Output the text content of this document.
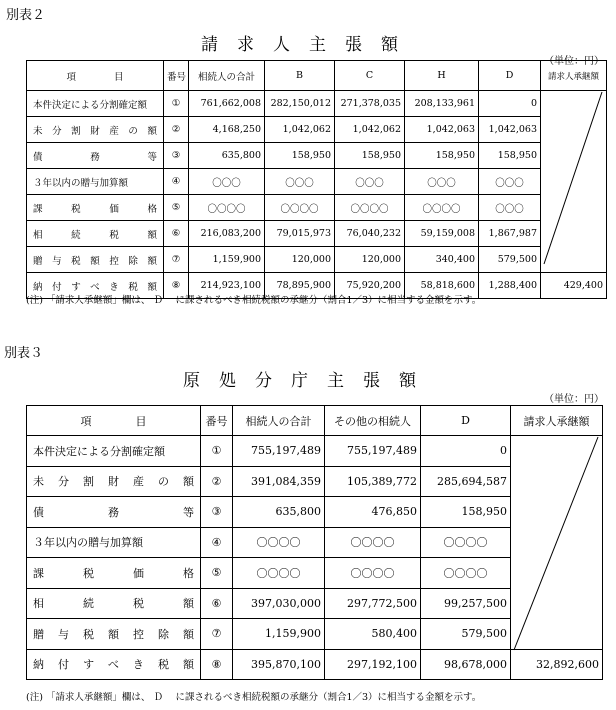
別表２
請　求　人　主　張　額
（単位：円）
項　　　　目	番号	相続人の合計	B	C	H	D	請求人承継額
本件決定による分割確定額	①	761,662,008	282,150,012	271,378,035	208,133,961	0	
未分割財産の額	②	4,168,250	1,042,062	1,042,062	1,042,063	1,042,063	
債務等	③	635,800	158,950	158,950	158,950	158,950	
３年以内の贈与加算額	④	〇〇〇	〇〇〇	〇〇〇	〇〇〇	〇〇〇	
課税価格	⑤	〇〇〇〇	〇〇〇〇	〇〇〇〇	〇〇〇〇	〇〇〇	
相続税額	⑥	216,083,200	79,015,973	76,040,232	59,159,008	1,867,987	
贈与税額控除額	⑦	1,159,900	120,000	120,000	340,400	579,500	
納付すべき税額	⑧	214,923,100	78,895,900	75,920,200	58,818,600	1,288,400	429,400
(注) 「請求人承継額」欄は、 Ｄ　 に課されるべき相続税額の承継分（割合1／3）に相当する金額を示す。
別表３
原　処　分　庁　主　張　額
（単位：円）
項　　　　目	番号	相続人の合計	その他の相続人	D	請求人承継額
本件決定による分割確定額	①	755,197,489	755,197,489	0	
未分割財産の額	②	391,084,359	105,389,772	285,694,587	
債務等	③	635,800	476,850	158,950	
３年以内の贈与加算額	④	〇〇〇〇	〇〇〇〇	〇〇〇〇	
課税価格	⑤	〇〇〇〇	〇〇〇〇	〇〇〇〇	
相続税額	⑥	397,030,000	297,772,500	99,257,500	
贈与税額控除額	⑦	1,159,900	580,400	579,500	
納付すべき税額	⑧	395,870,100	297,192,100	98,678,000	32,892,600
(注) 「請求人承継額」欄は、 Ｄ　 に課されるべき相続税額の承継分（割合1／3）に相当する金額を示す。
